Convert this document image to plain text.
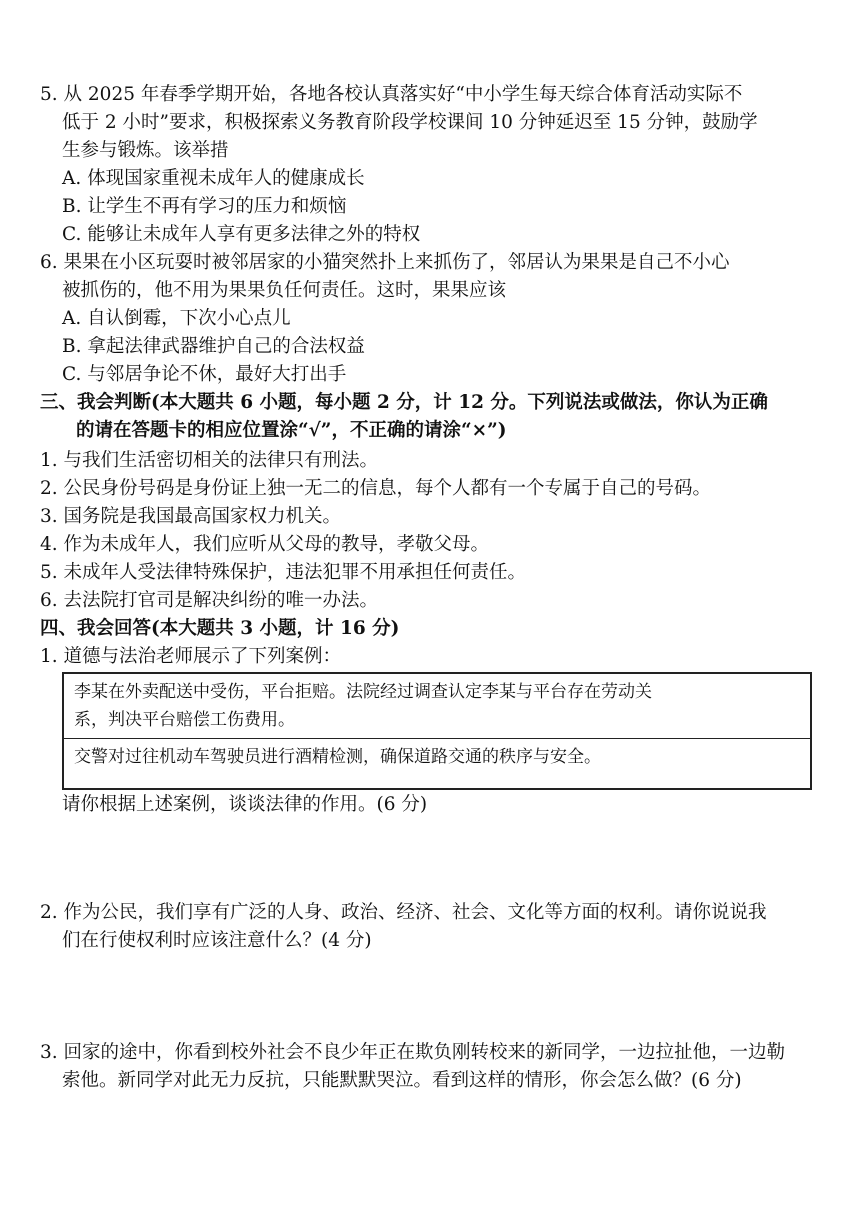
5. 从 2025 年春季学期开始，各地各校认真落实好“中小学生每天综合体育活动实际不
低于 2 小时”要求，积极探索义务教育阶段学校课间 10 分钟延迟至 15 分钟，鼓励学
生参与锻炼。该举措
A. 体现国家重视未成年人的健康成长
B. 让学生不再有学习的压力和烦恼
C. 能够让未成年人享有更多法律之外的特权
6. 果果在小区玩耍时被邻居家的小猫突然扑上来抓伤了，邻居认为果果是自己不小心
被抓伤的，他不用为果果负任何责任。这时，果果应该
A. 自认倒霉，下次小心点儿
B. 拿起法律武器维护自己的合法权益
C. 与邻居争论不休，最好大打出手
三、我会判断(本大题共 6 小题，每小题 2 分，计 12 分。下列说法或做法，你认为正确
的请在答题卡的相应位置涂“√”，不正确的请涂“×”)
1. 与我们生活密切相关的法律只有刑法。
2. 公民身份号码是身份证上独一无二的信息，每个人都有一个专属于自己的号码。
3. 国务院是我国最高国家权力机关。
4. 作为未成年人，我们应听从父母的教导，孝敬父母。
5. 未成年人受法律特殊保护，违法犯罪不用承担任何责任。
6. 去法院打官司是解决纠纷的唯一办法。
四、我会回答(本大题共 3 小题，计 16 分)
1. 道德与法治老师展示了下列案例：
李某在外卖配送中受伤，平台拒赔。法院经过调查认定李某与平台存在劳动关
系，判决平台赔偿工伤费用。
交警对过往机动车驾驶员进行酒精检测，确保道路交通的秩序与安全。
请你根据上述案例，谈谈法律的作用。(6 分)
2. 作为公民，我们享有广泛的人身、政治、经济、社会、文化等方面的权利。请你说说我
们在行使权利时应该注意什么？(4 分)
3. 回家的途中，你看到校外社会不良少年正在欺负刚转校来的新同学，一边拉扯他，一边勒
索他。新同学对此无力反抗，只能默默哭泣。看到这样的情形，你会怎么做？(6 分)
